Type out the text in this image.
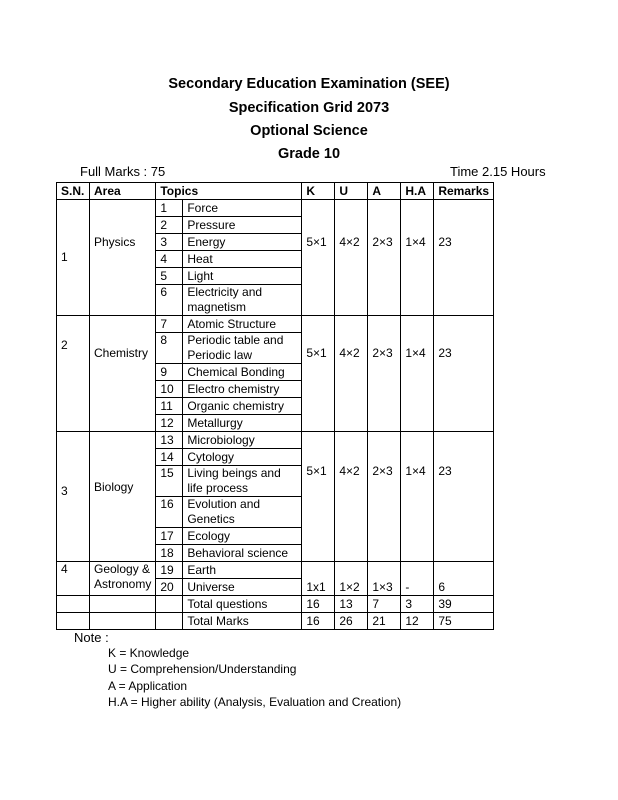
Secondary Education Examination (SEE)
Specification Grid 2073
Optional Science
Grade 10
Full Marks : 75	Time 2.15 Hours
S.N.	Area	Topics		K	U	A	H.A	Remarks
1	Physics	1	Force	5×1	4×2	2×3	1×4	23
		2	Pressure					
		3	Energy					
		4	Heat					
		5	Light					
		6	Electricity and magnetism					

2	Chemistry	7	Atomic Structure	5×1	4×2	2×3	1×4	23
		8	Periodic table and Periodic law					

		9	Chemical Bonding					
		10	Electro chemistry					
		11	Organic chemistry					
		12	Metallurgy					
3	Biology	13	Microbiology	5×1	4×2	2×3	1×4	23
		14	Cytology					
		15	Living beings and life process					

		16	Evolution and Genetics					

		17	Ecology					
		18	Behavioral science					
4	Geology & Astronomy	19	Earth	1x1	1×2	1×3	-	6
		20	Universe					
			Total questions	16	13	7	3	39
			Total Marks	16	26	21	12	75
Note :
K = Knowledge
U = Comprehension/Understanding
A = Application
H.A = Higher ability (Analysis, Evaluation and Creation)
